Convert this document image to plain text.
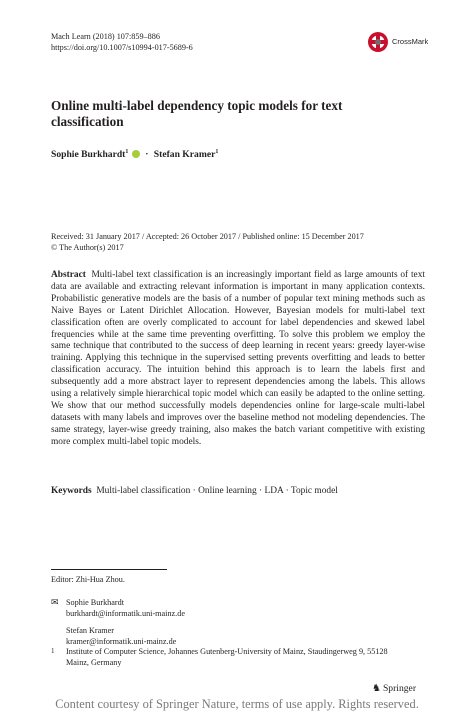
Mach Learn (2018) 107:859–886
https://doi.org/10.1007/s10994-017-5689-6
CrossMark
Online multi-label dependency topic models for text classification
Sophie Burkhardt$^1$ · Stefan Kramer$^1$
Received: 31 January 2017 / Accepted: 26 October 2017 / Published online: 15 December 2017
© The Author(s) 2017
Abstract Multi-label text classification is an increasingly important field as large amounts of text data are available and extracting relevant information is important in many application contexts. Probabilistic generative models are the basis of a number of popular text mining methods such as Naive Bayes or Latent Dirichlet Allocation. However, Bayesian models for multi-label text classification often are overly complicated to account for label dependencies and skewed label frequencies while at the same time preventing overfitting. To solve this problem we employ the same technique that contributed to the success of deep learning in recent years: greedy layer-wise training. Applying this technique in the supervised setting prevents overfitting and leads to better classification accuracy. The intuition behind this approach is to learn the labels first and subsequently add a more abstract layer to represent dependencies among the labels. This allows using a relatively simple hierarchical topic model which can easily be adapted to the online setting. We show that our method successfully models dependencies online for large-scale multi-label datasets with many labels and improves over the baseline method not modeling dependencies. The same strategy, layer-wise greedy training, also makes the batch variant competitive with existing more complex multi-label topic models.
Keywords Multi-label classification · Online learning · LDA · Topic model
Editor: Zhi-Hua Zhou.
✉ Sophie Burkhardt
burkhardt@informatik.uni-mainz.de
Stefan Kramer
kramer@informatik.uni-mainz.de
1 Institute of Computer Science, Johannes Gutenberg-University of Mainz, Staudingerweg 9, 55128
Mainz, Germany
♞ Springer
Content courtesy of Springer Nature, terms of use apply. Rights reserved.
